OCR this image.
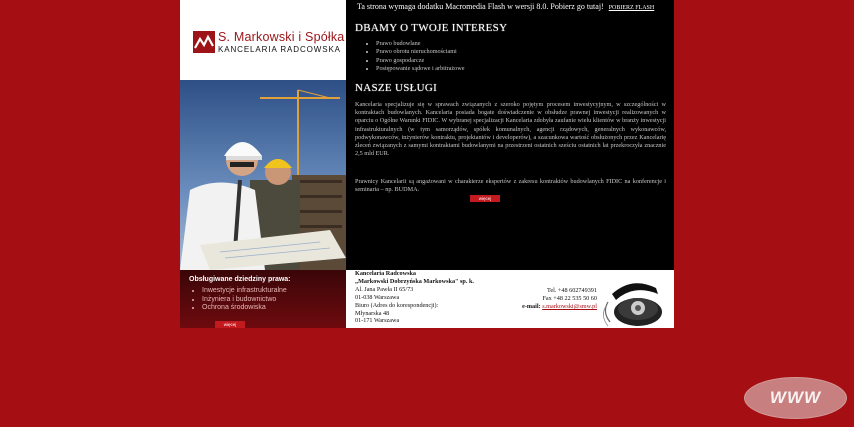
S. Markowski i Spółka
KANCELARIA RADCOWSKA
Obsługiwane dziedziny prawa:
• Inwestycje infrastrukturalne
• Inżyniera i budownictwo
• Ochrona środowiska
więcej
Ta strona wymaga dodatku Macromedia Flash w wersji 8.0. Pobierz go tutaj! POBIERZ FLASH
DBAMY O TWOJE INTERESY
• Prawo budowlane
• Prawo obrotu nieruchomościami
• Prawo gospodarcze
• Postępowanie sądowe i arbitrażowe
NASZE USŁUGI

Kancelaria specjalizuje się w sprawach związanych z szeroko pojętym procesem inwestycyjnym, w szczególności w kontraktach budowlanych. Kancelaria posiada bogate doświadczenie w obsłudze prawnej inwestycji realizowanych w oparciu o Ogólne Warunki FIDIC. W wybranej specjalizacji Kancelaria zdobyła zaufanie wielu klientów w branży inwestycji infrastrukturalnych (w tym samorządów, spółek komunalnych, agencji rządowych, generalnych wykonawców, podwykonawców, inżynierów kontraktu, projektantów i developerów), a szacunkowa wartość obsłużonych przez Kancelarię zleceń związanych z samymi kontraktami budowlanymi na przestrzeni ostatnich sześciu ostatnich lat przekroczyła znacznie 2,5 mld EUR.

Prawnicy Kancelarii są angażowani w charakterze ekspertów z zakresu kontraktów budowlanych FIDIC na konferencje i seminaria – np. BUDMA.

więcej
Kancelaria Radcowska
„Markowski Dobrzyńska Markowska" sp. k.
Al. Jana Pawła II 65/73
01-038 Warszawa
Biuro (Adres do korespondencji):
Młynarska 48
01-171 Warszawa
Tel. +48 602749391
Fax +48 22 535 50 60
e-mail: s.markowski@smw.pl
WWW
